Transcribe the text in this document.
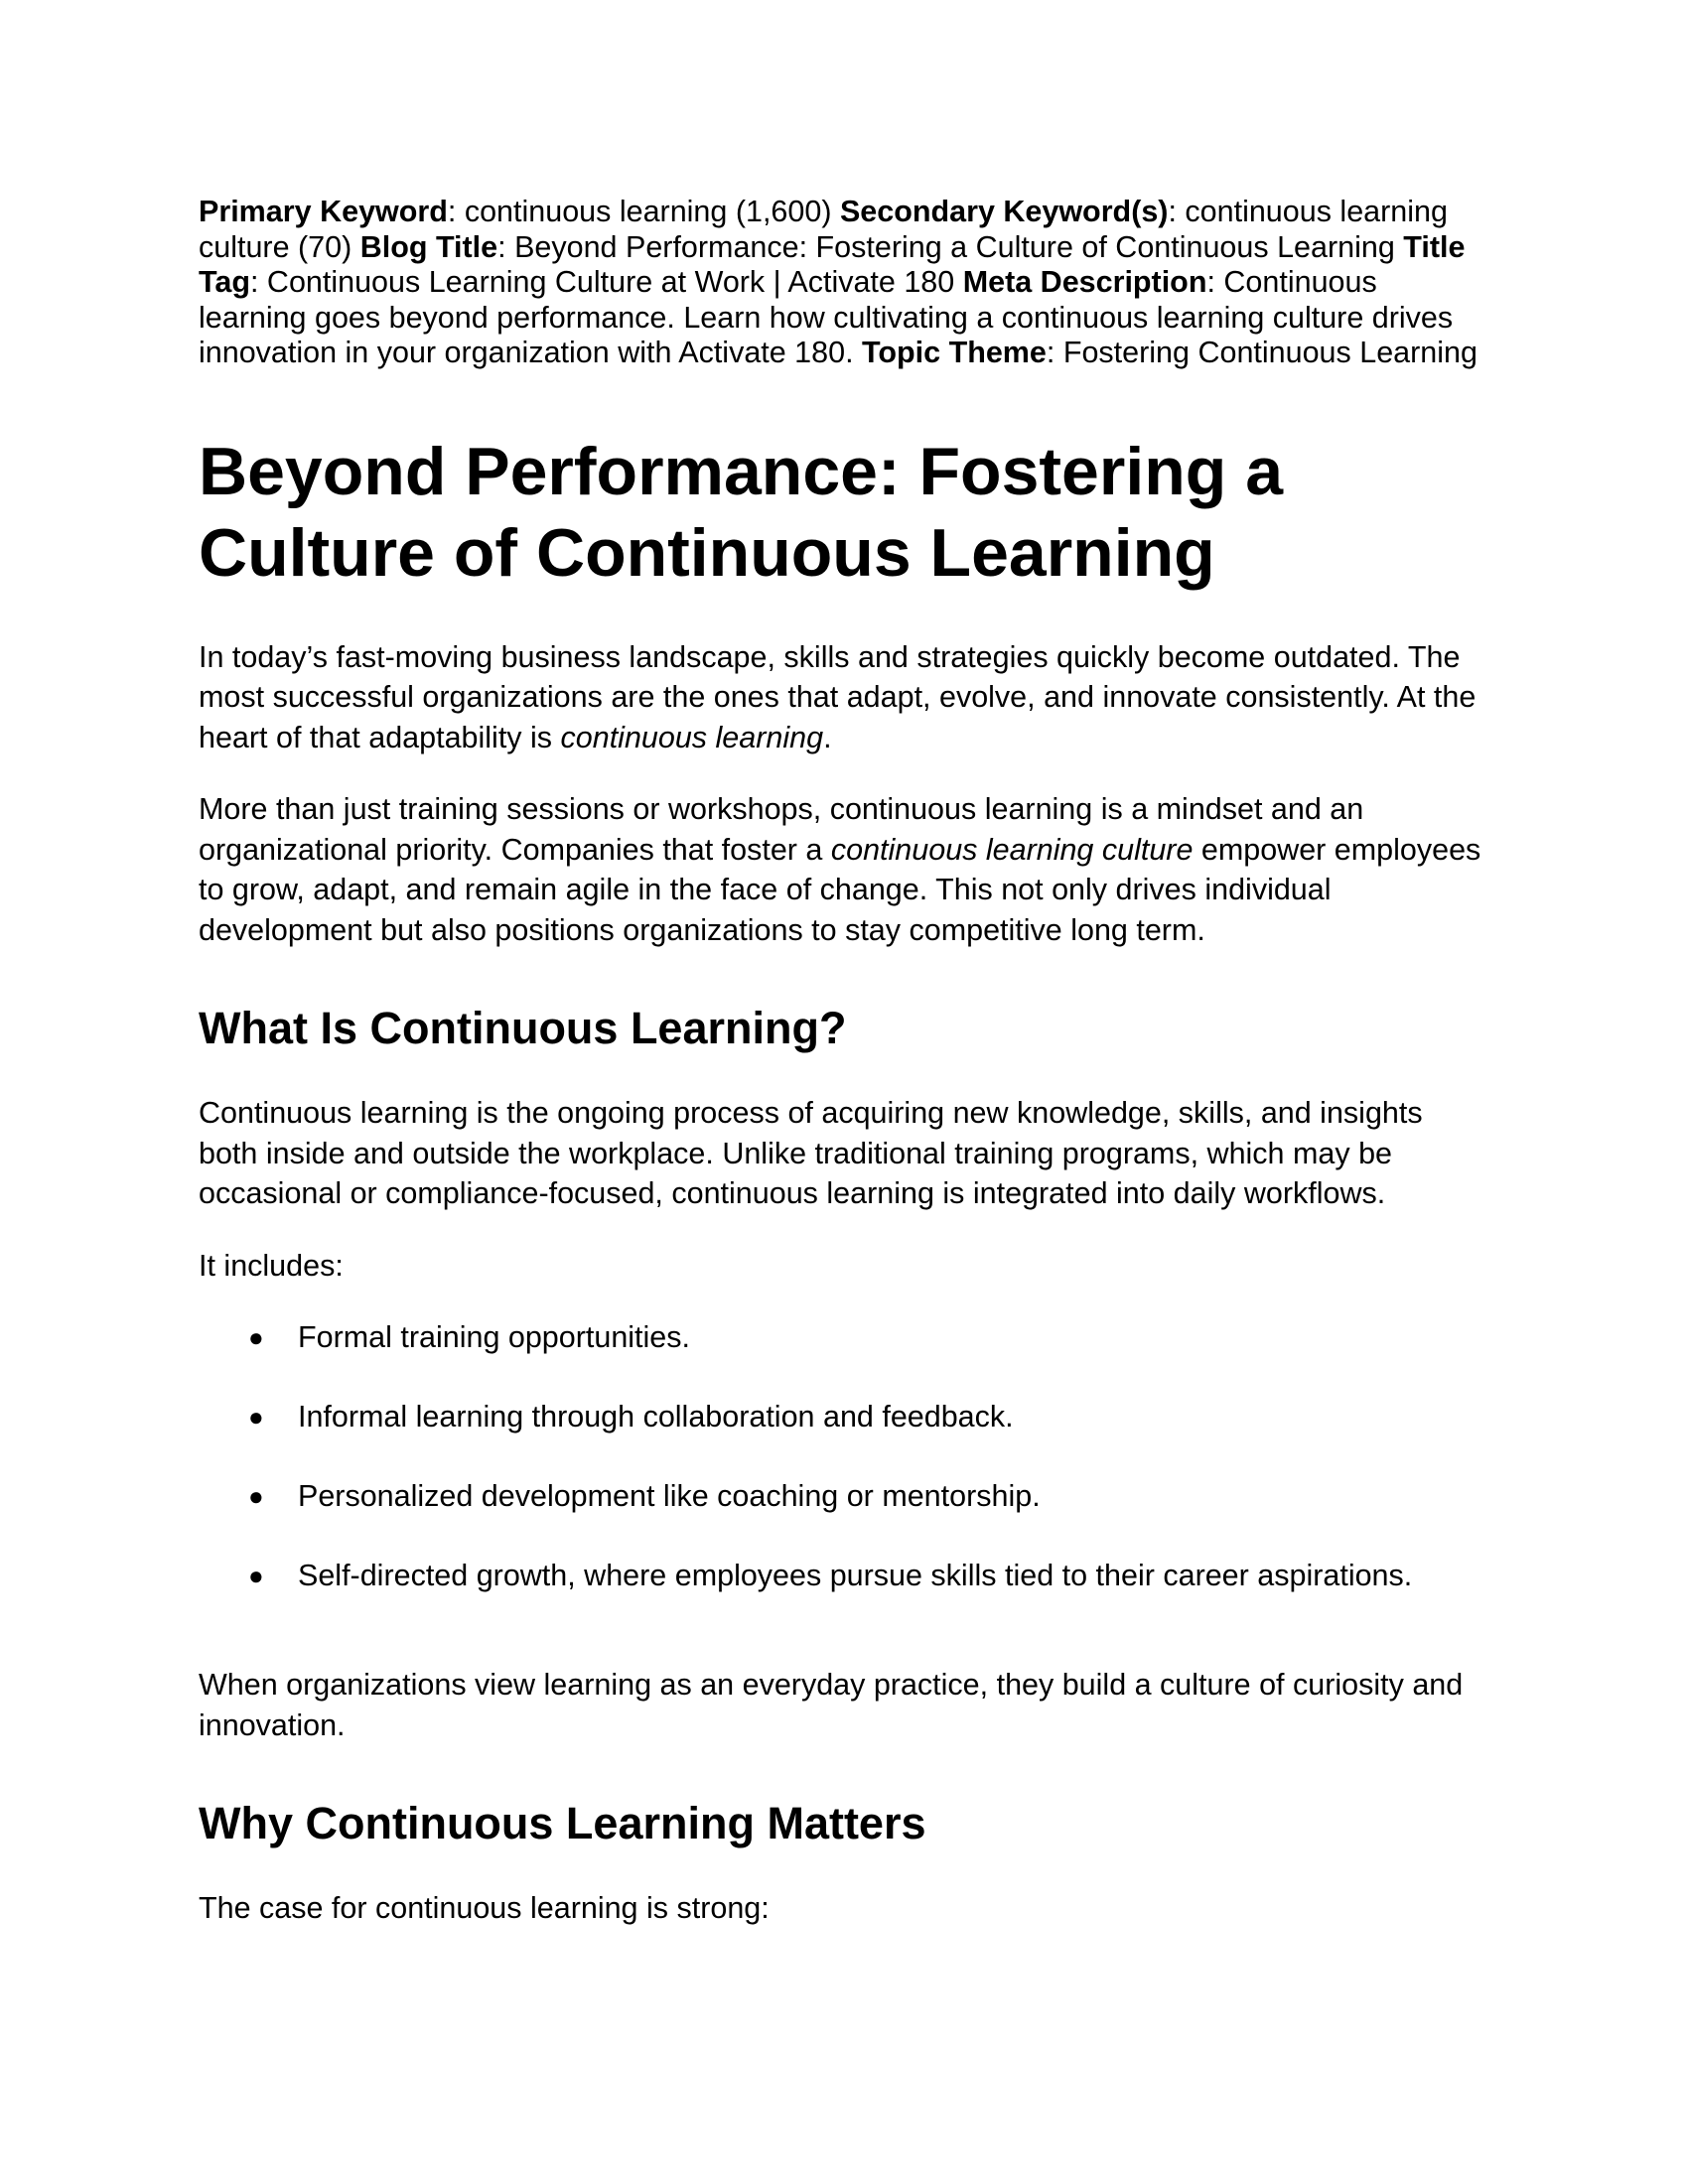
Primary Keyword: continuous learning (1,600) Secondary Keyword(s): continuous learning culture (70) Blog Title: Beyond Performance: Fostering a Culture of Continuous Learning Title Tag: Continuous Learning Culture at Work | Activate 180 Meta Description: Continuous learning goes beyond performance. Learn how cultivating a continuous learning culture drives innovation in your organization with Activate 180. Topic Theme: Fostering Continuous Learning

Beyond Performance: Fostering a Culture of Continuous Learning

In today’s fast-moving business landscape, skills and strategies quickly become outdated. The most successful organizations are the ones that adapt, evolve, and innovate consistently. At the heart of that adaptability is continuous learning.

More than just training sessions or workshops, continuous learning is a mindset and an organizational priority. Companies that foster a continuous learning culture empower employees to grow, adapt, and remain agile in the face of change. This not only drives individual development but also positions organizations to stay competitive long term.

What Is Continuous Learning?

Continuous learning is the ongoing process of acquiring new knowledge, skills, and insights both inside and outside the workplace. Unlike traditional training programs, which may be occasional or compliance-focused, continuous learning is integrated into daily workflows.

It includes:

● Formal training opportunities.
● Informal learning through collaboration and feedback.
● Personalized development like coaching or mentorship.
● Self-directed growth, where employees pursue skills tied to their career aspirations.

When organizations view learning as an everyday practice, they build a culture of curiosity and innovation.

Why Continuous Learning Matters

The case for continuous learning is strong:
